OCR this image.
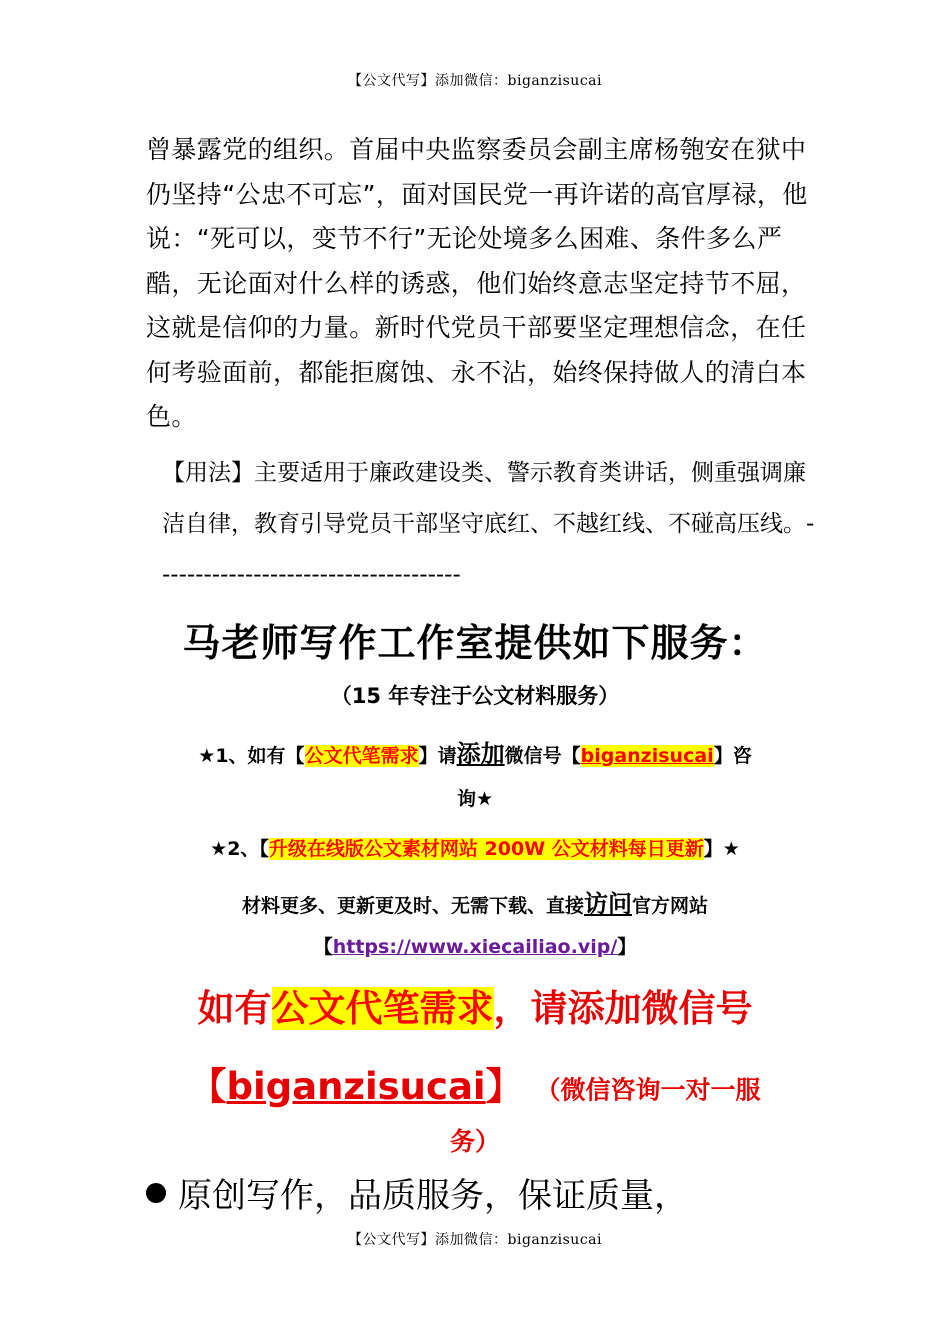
【公文代写】添加微信：biganzisucai
曾暴露党的组织。首届中央监察委员会副主席杨匏安在狱中仍坚持“公忠不可忘”，面对国民党一再许诺的高官厚禄，他说：“死可以，变节不行”无论处境多么困难、条件多么严酷，无论面对什么样的诱惑，他们始终意志坚定持节不屈，这就是信仰的力量。新时代党员干部要坚定理想信念，在任何考验面前，都能拒腐蚀、永不沾，始终保持做人的清白本色。
【用法】主要适用于廉政建设类、警示教育类讲话，侧重强调廉洁自律，教育引导党员干部坚守底红、不越红线、不碰高压线。-------------------------------------
马老师写作工作室提供如下服务：
（15 年专注于公文材料服务）
★1、如有【公文代笔需求】请添加微信号【biganzisucai】咨
询★
★2、【升级在线版公文素材网站 200W 公文材料每日更新】★
材料更多、更新更及时、无需下载、直接访问官方网站
【https://www.xiecailiao.vip/】
如有公文代笔需求，请添加微信号
【biganzisucai】 （微信咨询一对一服
务）
原创写作，品质服务，保证质量，
【公文代写】添加微信：biganzisucai
